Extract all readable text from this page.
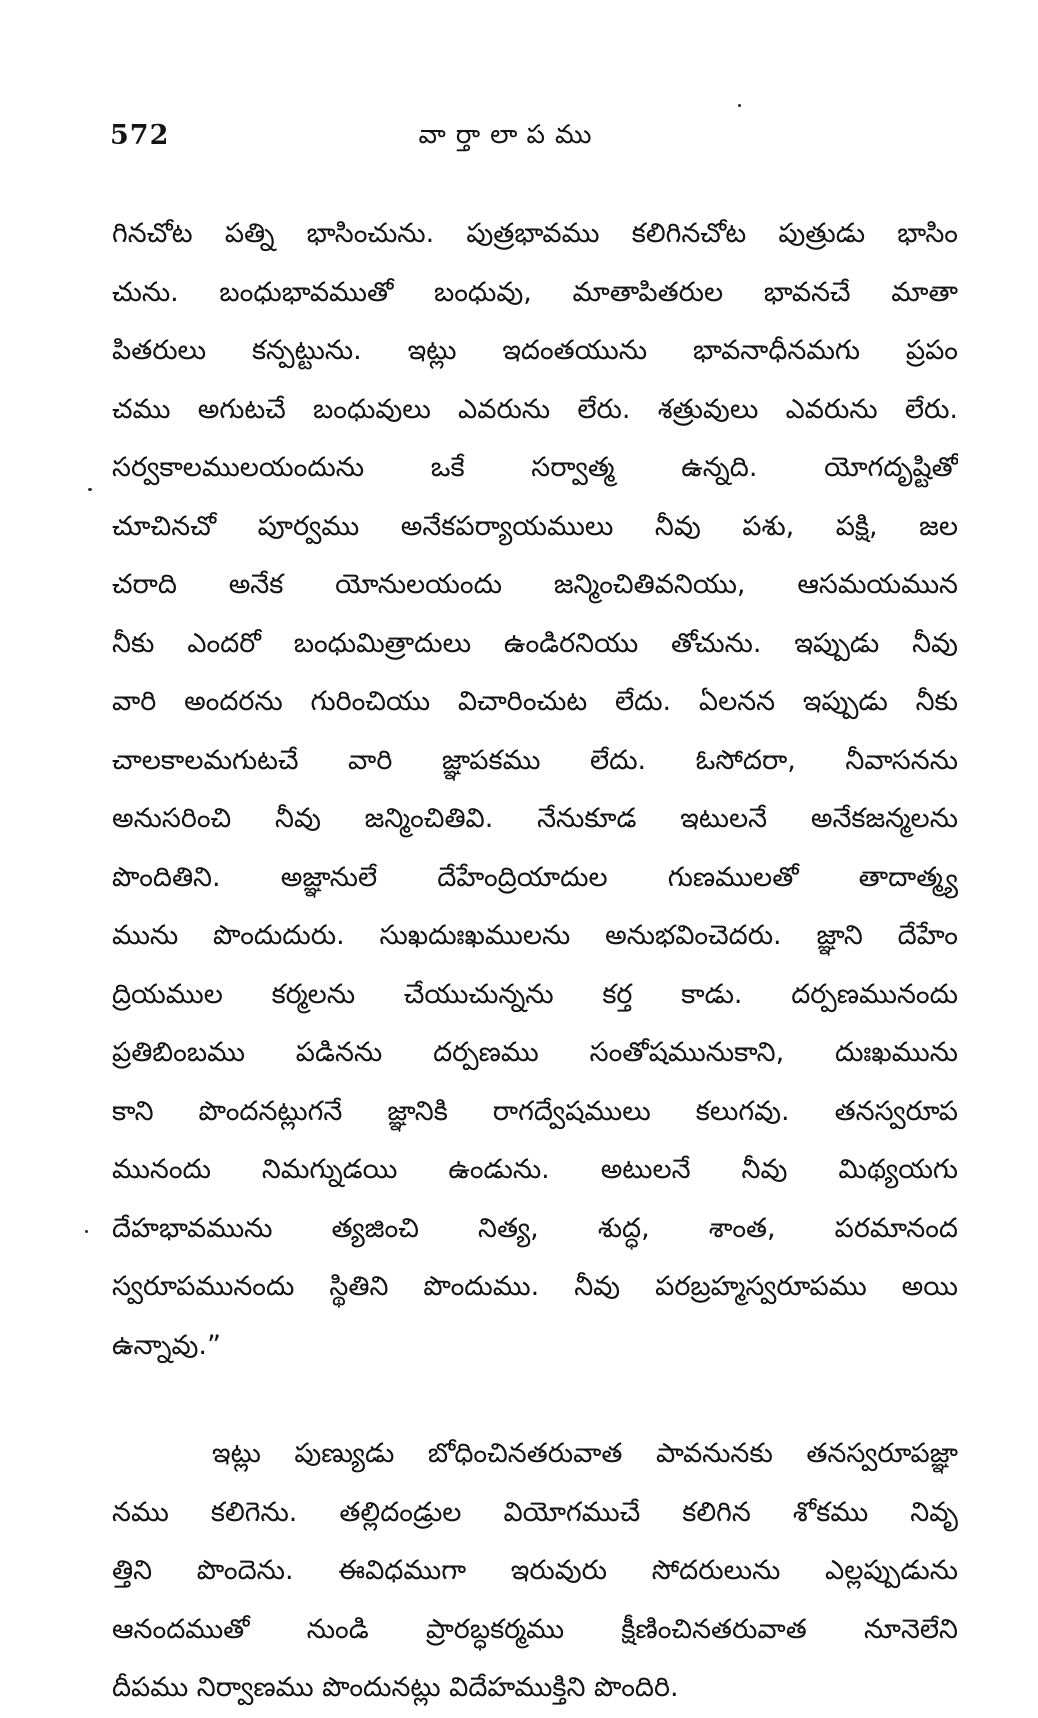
572	వార్తాలాపము
గినచోట పత్ని భాసించును. పుత్రభావము కలిగినచోట పుత్రుడు భాసిం
చును. బంధుభావముతో బంధువు, మాతాపితరుల భావనచే మాతా
పితరులు కన్పట్టును. ఇట్లు ఇదంతయును భావనాధీనమగు ప్రపం
చము అగుటచే బంధువులు ఎవరును లేరు. శత్రువులు ఎవరును లేరు.
సర్వకాలములయందును ఒకే సర్వాత్మ ఉన్నది. యోగదృష్టితో
చూచినచో పూర్వము అనేకపర్యాయములు నీవు పశు, పక్షి, జల
చరాది అనేక యోనులయందు జన్మించితివనియు, ఆసమయమున
నీకు ఎందరో బంధుమిత్రాదులు ఉండిరనియు తోచును. ఇప్పుడు నీవు
వారి అందరను గురించియు విచారించుట లేదు. ఏలనన ఇప్పుడు నీకు
చాలకాలమగుటచే వారి జ్ఞాపకము లేదు. ఓసోదరా, నీవాసనను
అనుసరించి నీవు జన్మించితివి. నేనుకూడ ఇటులనే అనేకజన్మలను
పొందితిని. అజ్ఞానులే దేహేంద్రియాదుల గుణములతో తాదాత్మ్య
మును పొందుదురు. సుఖదుఃఖములను అనుభవించెదరు. జ్ఞాని దేహేం
ద్రియముల కర్మలను చేయుచున్నను కర్త కాడు. దర్పణమునందు
ప్రతిబింబము పడినను దర్పణము సంతోషమునుకాని, దుఃఖమును
కాని పొందనట్లుగనే జ్ఞానికి రాగద్వేషములు కలుగవు. తనస్వరూప
మునందు నిమగ్నుడయి ఉండును. అటులనే నీవు మిథ్యయగు
దేహభావమును త్యజించి నిత్య, శుద్ధ, శాంత, పరమానంద
స్వరూపమునందు స్థితిని పొందుము. నీవు పరబ్రహ్మస్వరూపము అయి
ఉన్నావు.”
ఇట్లు పుణ్యుడు బోధించినతరువాత పావనునకు తనస్వరూపజ్ఞా
నము కలిగెను. తల్లిదండ్రుల వియోగముచే కలిగిన శోకము నివృ
త్తిని పొందెను. ఈవిధముగా ఇరువురు సోదరులును ఎల్లప్పుడును
ఆనందముతో నుండి ప్రారబ్ధకర్మము క్షీణించినతరువాత నూనెలేని
దీపము నిర్వాణము పొందునట్లు విదేహముక్తిని పొందిరి.
